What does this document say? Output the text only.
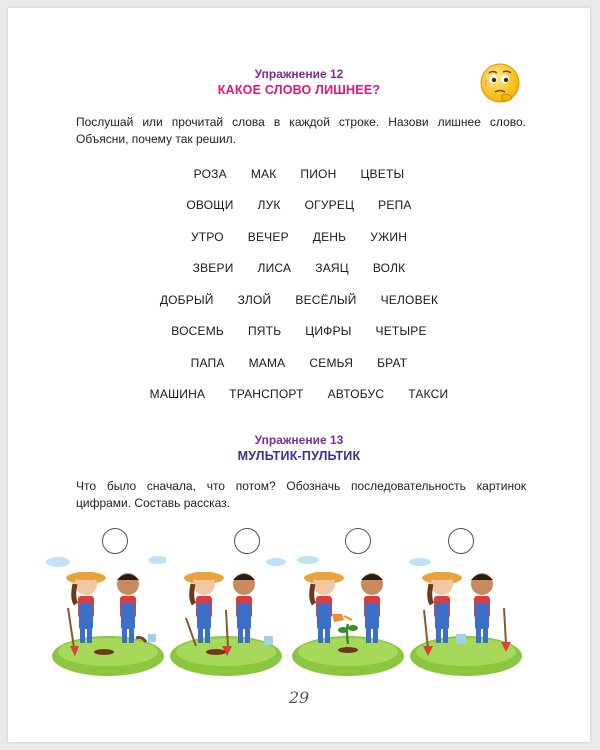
Упражнение 12
КАКОЕ СЛОВО ЛИШНЕЕ?
Послушай или прочитай слова в каждой строке. Назови лишнее слово. Объясни, почему так решил.
РОЗА МАК ПИОН ЦВЕТЫ
ОВОЩИ ЛУК ОГУРЕЦ РЕПА
УТРО ВЕЧЕР ДЕНЬ УЖИН
ЗВЕРИ ЛИСА ЗАЯЦ ВОЛК
ДОБРЫЙ ЗЛОЙ ВЕСЁЛЫЙ ЧЕЛОВЕК
ВОСЕМЬ ПЯТЬ ЦИФРЫ ЧЕТЫРЕ
ПАПА МАМА СЕМЬЯ БРАТ
МАШИНА ТРАНСПОРТ АВТОБУС ТАКСИ
Упражнение 13
МУЛЬТИК-ПУЛЬТИК
Что было сначала, что потом? Обозначь последовательность картинок цифрами. Составь рассказ.
29
